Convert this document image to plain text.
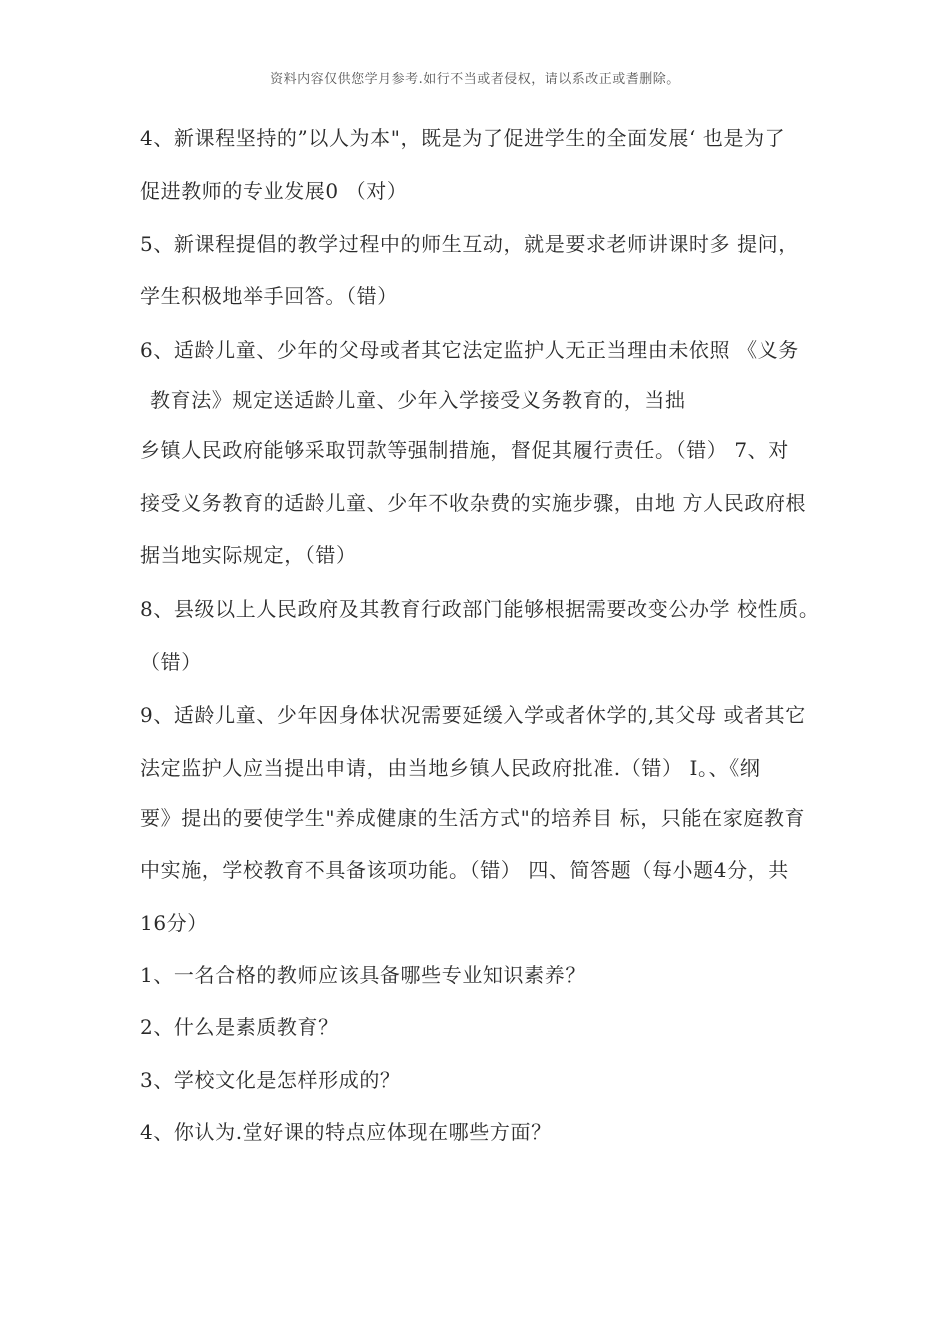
资料内容仅供您学月参考.如行不当或者侵权，请以系改正或耆删除。
4、新课程坚持的”以人为本"，既是为了促进学生的全面发展‘ 也是为了
促进教师的专业发展0 （对）
5、新课程提倡的教学过程中的师生互动，就是要求老师讲课时多 提问，
学生积极地举手回答。（错）
6、适龄儿童、少年的父母或者其它法定监护人无正当理由未依照 《义务
教育法》规定送适龄儿童、少年入学接受义务教育的，当拙
乡镇人民政府能够采取罚款等强制措施，督促其履行责任。（错） 7、对
接受义务教育的适龄儿童、少年不收杂费的实施步骤，由地 方人民政府根
据当地实际规定，（错）
8、县级以上人民政府及其教育行政部门能够根据需要改变公办学 校性质。
（错）
9、适龄儿童、少年因身体状况需要延缓入学或者休学的,其父母 或者其它
法定监护人应当提出申请，由当地乡镇人民政府批准.（错） I。、《纲
要》提出的要使学生"养成健康的生活方式"的培养目 标，只能在家庭教育
中实施，学校教育不具备该项功能。（错） 四、简答题（每小题4分，共
16分）
1、一名合格的教师应该具备哪些专业知识素养？
2、什么是素质教育？
3、学校文化是怎样形成的？
4、你认为.堂好课的特点应体现在哪些方面？
